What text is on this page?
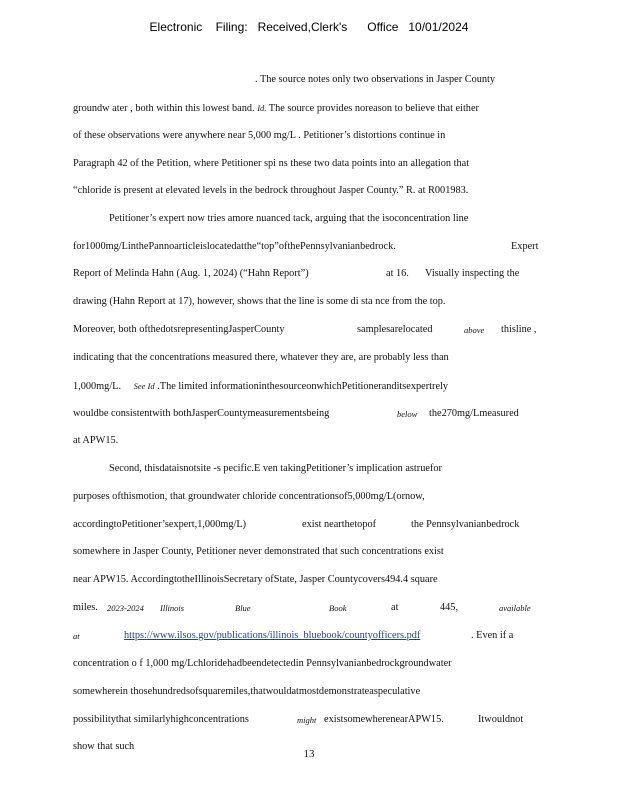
Electronic    Filing:   Received,Clerk's      Office   10/01/2024
. The source notes only two observations in Jasper County
groundw ater , both within this lowest band. Id. The source provides noreason to believe that either
of these observations were anywhere near 5,000 mg/L . Petitioner’s distortions continue in
Paragraph 42 of the Petition, where Petitioner spi ns these two data points into an allegation that
“chloride is present at elevated levels in the bedrock throughout Jasper County.” R. at R001983.
Petitioner’s expert now tries amore nuanced tack, arguing that the isoconcentration line
for1000mg/LinthePannoarticleislocatedatthe“top”ofthePennsylvanianbedrock.	Expert
Report of Melinda Hahn (Aug. 1, 2024) (“Hahn Report”)	at 16. Visually inspecting the
drawing (Hahn Report at 17), however, shows that the line is some di sta nce from the top.
Moreover, both ofthedotsrepresentingJasperCounty	samplesarelocated	above thisline ,
indicating that the concentrations measured there, whatever they are, are probably less than
1,000mg/L. See Id .The limited informationinthesourceonwhichPetitioneranditsexpertrely
wouldbe consistentwith bothJasperCountymeasurementsbeing	below the270mg/Lmeasured
at APW15.
Second, thisdataisnotsite -s pecific.E ven takingPetitioner’s implication astruefor
purposes ofthismotion, that groundwater chloride concentrationsof5,000mg/L(ornow,
accordingtoPetitioner’sexpert,1,000mg/L)	exist nearthetopof	the Pennsylvanianbedrock
somewhere in Jasper County, Petitioner never demonstrated that such concentrations exist
near APW15. AccordingtotheIllinoisSecretary ofState, Jasper Countycovers494.4 square
miles. 2023-2024 Illinois	Blue	Book	at	445,	available
at	https://www.ilsos.gov/publications/illinois_bluebook/countyofficers.pdf	. Even if a
concentration o f 1,000 mg/Lchloridehadbeendetectedin Pennsylvanianbedrockgroundwater
somewherein thosehundredsofsquaremiles,thatwouldatmostdemonstrateaspeculative
possibilitythat similarlyhighconcentrations	might existsomewherenearAPW15.	Itwouldnot
show that such
13
